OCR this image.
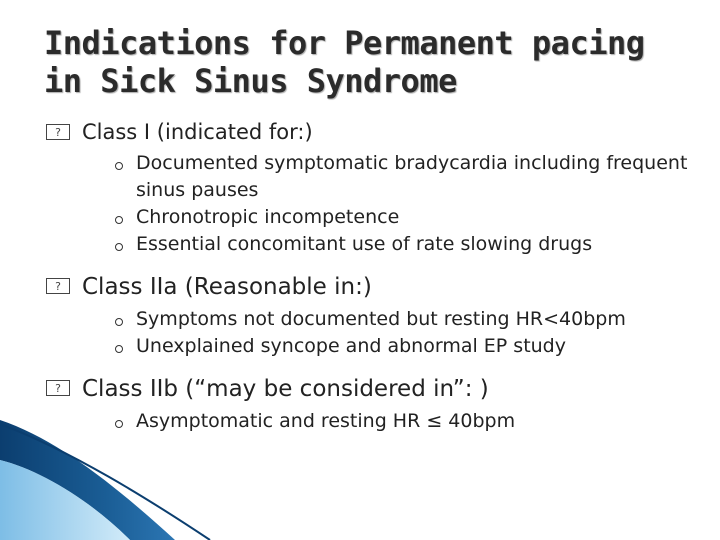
Indications for Permanent pacing
in Sick Sinus Syndrome
?
Class I (indicated for:)
Documented symptomatic bradycardia including frequent sinus pauses
Chronotropic incompetence
Essential concomitant use of rate slowing drugs
?
Class IIa (Reasonable in:)
Symptoms not documented but resting HR<40bpm
Unexplained syncope and abnormal EP study
?
Class IIb (“may be considered in”: )
Asymptomatic and resting HR ≤ 40bpm
